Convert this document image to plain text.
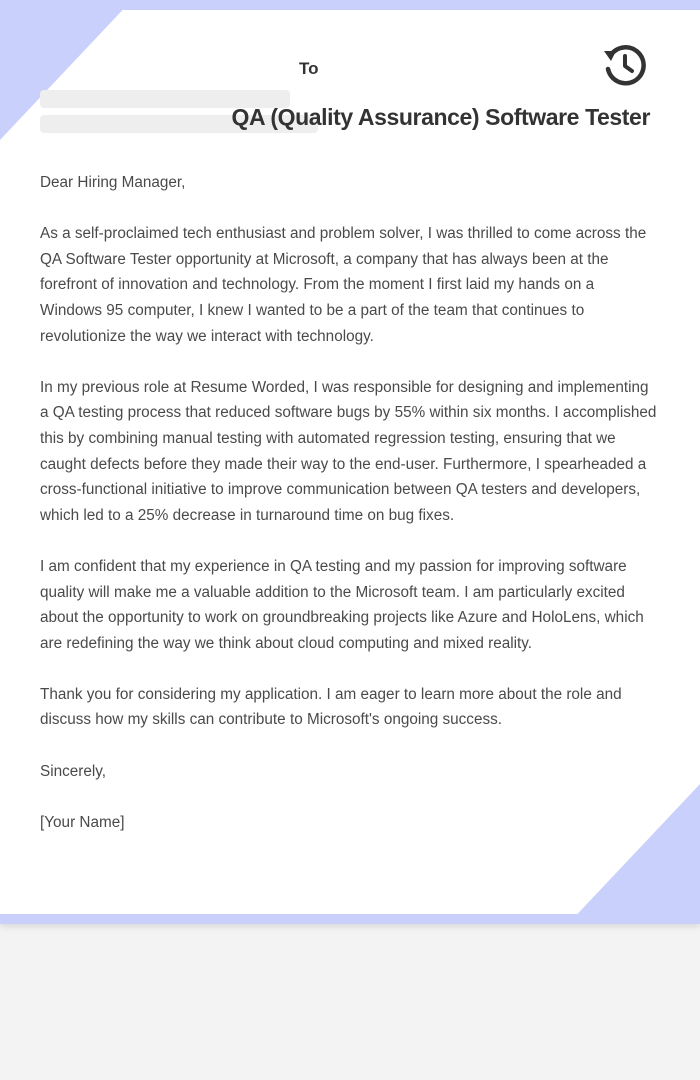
To
QA (Quality Assurance) Software Tester

Dear Hiring Manager,

As a self-proclaimed tech enthusiast and problem solver, I was thrilled to come across the QA Software Tester opportunity at Microsoft, a company that has always been at the forefront of innovation and technology. From the moment I first laid my hands on a Windows 95 computer, I knew I wanted to be a part of the team that continues to revolutionize the way we interact with technology.

In my previous role at Resume Worded, I was responsible for designing and implementing a QA testing process that reduced software bugs by 55% within six months. I accomplished this by combining manual testing with automated regression testing, ensuring that we caught defects before they made their way to the end-user. Furthermore, I spearheaded a cross-functional initiative to improve communication between QA testers and developers, which led to a 25% decrease in turnaround time on bug fixes.

I am confident that my experience in QA testing and my passion for improving software quality will make me a valuable addition to the Microsoft team. I am particularly excited about the opportunity to work on groundbreaking projects like Azure and HoloLens, which are redefining the way we think about cloud computing and mixed reality.

Thank you for considering my application. I am eager to learn more about the role and discuss how my skills can contribute to Microsoft's ongoing success.

Sincerely,

[Your Name]
